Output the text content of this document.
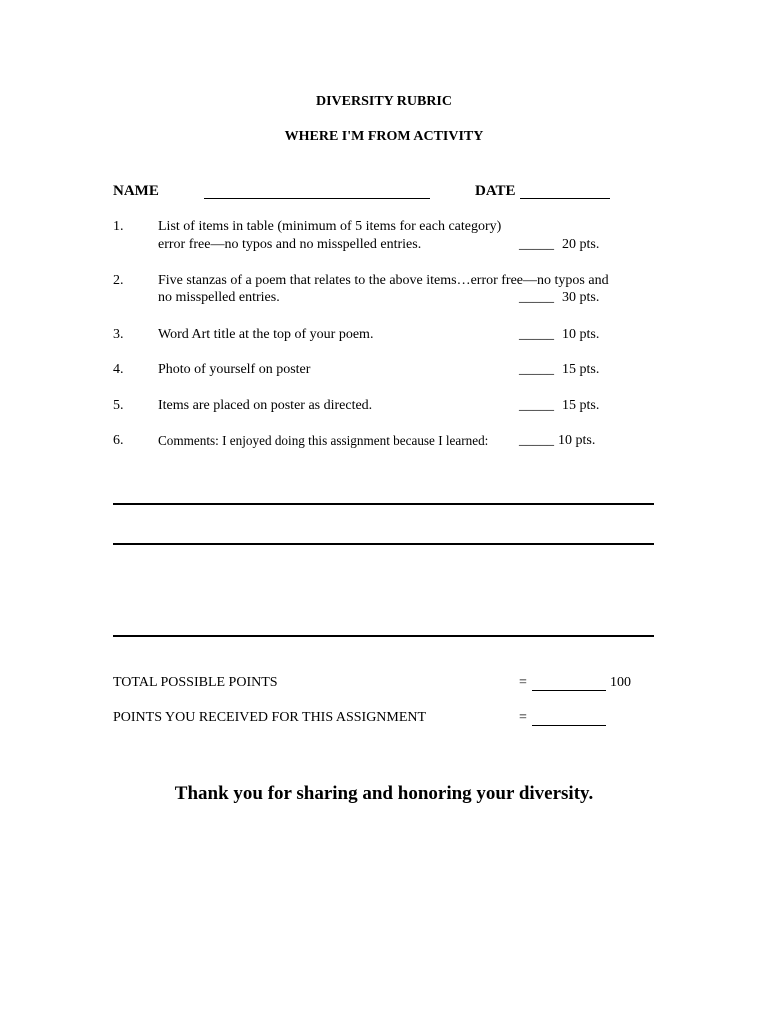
DIVERSITY RUBRIC
WHERE I'M FROM ACTIVITY
NAME	DATE
1. List of items in table (minimum of 5 items for each category)
error free—no typos and no misspelled entries.	_____ 20 pts.
2. Five stanzas of a poem that relates to the above items…error free—no typos and
no misspelled entries.	_____ 30 pts.
3. Word Art title at the top of your poem.	_____ 10 pts.
4. Photo of yourself on poster	_____ 15 pts.
5. Items are placed on poster as directed.	_____ 15 pts.
6.	Comments: I enjoyed doing this assignment because I learned: _____ 10 pts.
TOTAL POSSIBLE POINTS	=	100
POINTS YOU RECEIVED FOR THIS ASSIGNMENT	=
Thank you for sharing and honoring your diversity.
